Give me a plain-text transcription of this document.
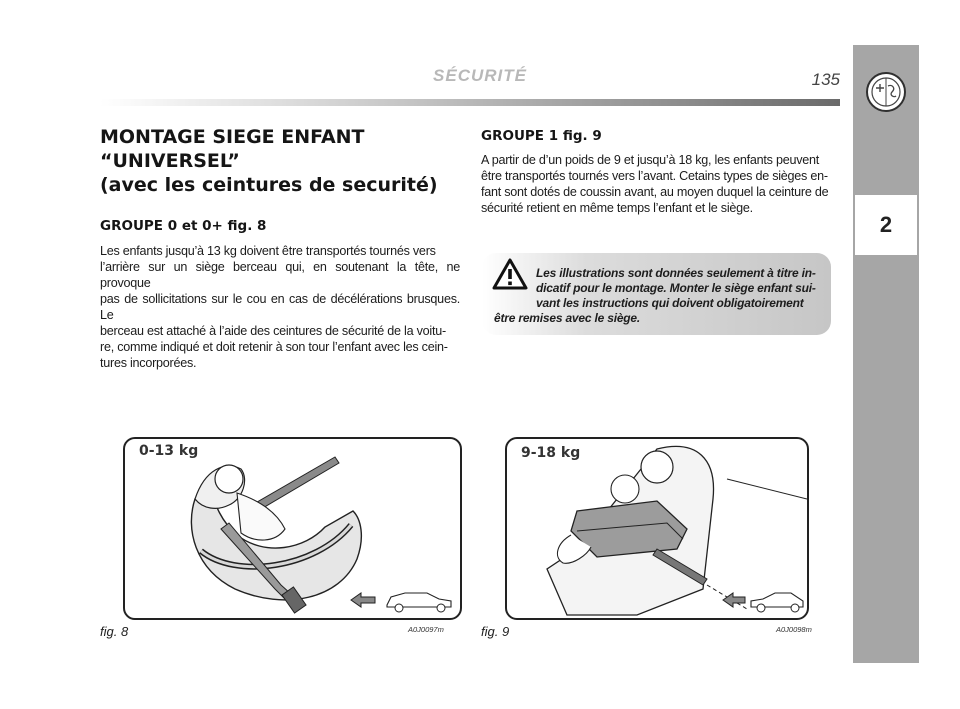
SÉCURITÉ	135
2
MONTAGE SIEGE ENFANT
“UNIVERSEL”
(avec les ceintures de securité)
GROUPE 0 et 0+ fig. 8
Les enfants jusqu’à 13 kg doivent être transportés tournés vers
l’arrière sur un siège berceau qui, en soutenant la tête, ne provoque
pas de sollicitations sur le cou en cas de décélérations brusques. Le
berceau est attaché à l’aide des ceintures de sécurité de la voitu-
re, comme indiqué et doit retenir à son tour l’enfant avec les cein-
tures incorporées.
GROUPE 1 fig. 9
A partir de d’un poids de 9 et jusqu’à 18 kg, les enfants peuvent
être transportés tournés vers l’avant. Cetains types de sièges en-
fant sont dotés de coussin avant, au moyen duquel la ceinture de
sécurité retient en même temps l’enfant et le siège.
Les illustrations sont données seulement à titre in-
dicatif pour le montage. Monter le siège enfant sui-
vant les instructions qui doivent obligatoirement
être remises avec le siège.
0-13 kg
fig. 8	A0J0097m
9-18 kg
fig. 9	A0J0098m
